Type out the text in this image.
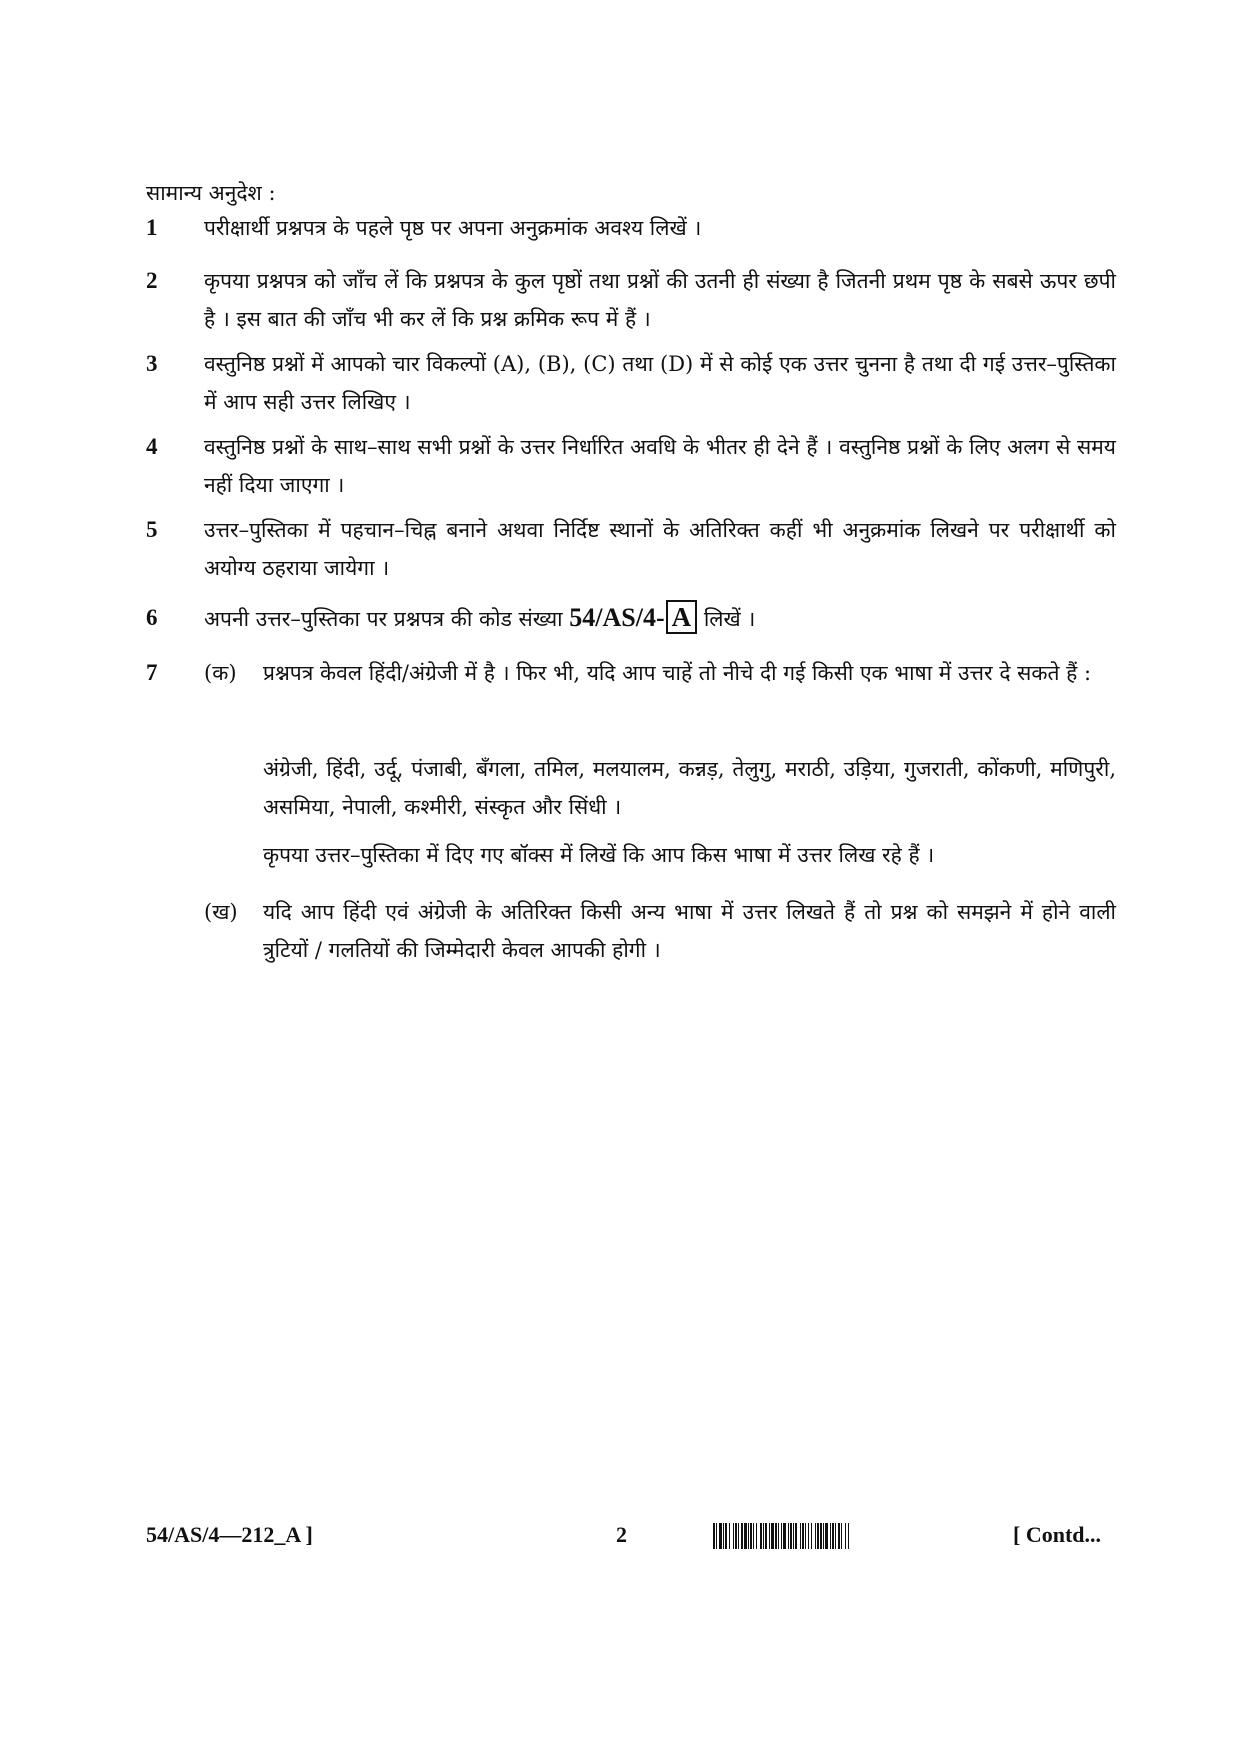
सामान्य अनुदेश :
1	परीक्षार्थी प्रश्नपत्र के पहले पृष्ठ पर अपना अनुक्रमांक अवश्य लिखें ।
2	कृपया प्रश्नपत्र को जाँच लें कि प्रश्नपत्र के कुल पृष्ठों तथा प्रश्नों की उतनी ही संख्या है जितनी प्रथम पृष्ठ के सबसे ऊपर छपी है । इस बात की जाँच भी कर लें कि प्रश्न क्रमिक रूप में हैं ।
3	वस्तुनिष्ठ प्रश्नों में आपको चार विकल्पों (A), (B), (C) तथा (D) में से कोई एक उत्तर चुनना है तथा दी गई उत्तर–पुस्तिका में आप सही उत्तर लिखिए ।
4	वस्तुनिष्ठ प्रश्नों के साथ–साथ सभी प्रश्नों के उत्तर निर्धारित अवधि के भीतर ही देने हैं । वस्तुनिष्ठ प्रश्नों के लिए अलग से समय नहीं दिया जाएगा ।
5	उत्तर–पुस्तिका में पहचान–चिह्न बनाने अथवा निर्दिष्ट स्थानों के अतिरिक्त कहीं भी अनुक्रमांक लिखने पर परीक्षार्थी को अयोग्य ठहराया जायेगा ।
6	अपनी उत्तर–पुस्तिका पर प्रश्नपत्र की कोड संख्या 54/AS/4- A लिखें ।
7	(क)	प्रश्नपत्र केवल हिंदी/अंग्रेजी में है । फिर भी, यदि आप चाहें तो नीचे दी गई किसी एक भाषा में उत्तर दे सकते हैं :
अंग्रेजी, हिंदी, उर्दू, पंजाबी, बँगला, तमिल, मलयालम, कन्नड़, तेलुगु, मराठी, उड़िया, गुजराती, कोंकणी, मणिपुरी, असमिया, नेपाली, कश्मीरी, संस्कृत और सिंधी ।
कृपया उत्तर–पुस्तिका में दिए गए बॉक्स में लिखें कि आप किस भाषा में उत्तर लिख रहे हैं ।
(ख)	यदि आप हिंदी एवं अंग्रेजी के अतिरिक्त किसी अन्य भाषा में उत्तर लिखते हैं तो प्रश्न को समझने में होने वाली त्रुटियों / गलतियों की जिम्मेदारी केवल आपकी होगी ।
54/AS/4—212_A ]	2	[ Contd...
